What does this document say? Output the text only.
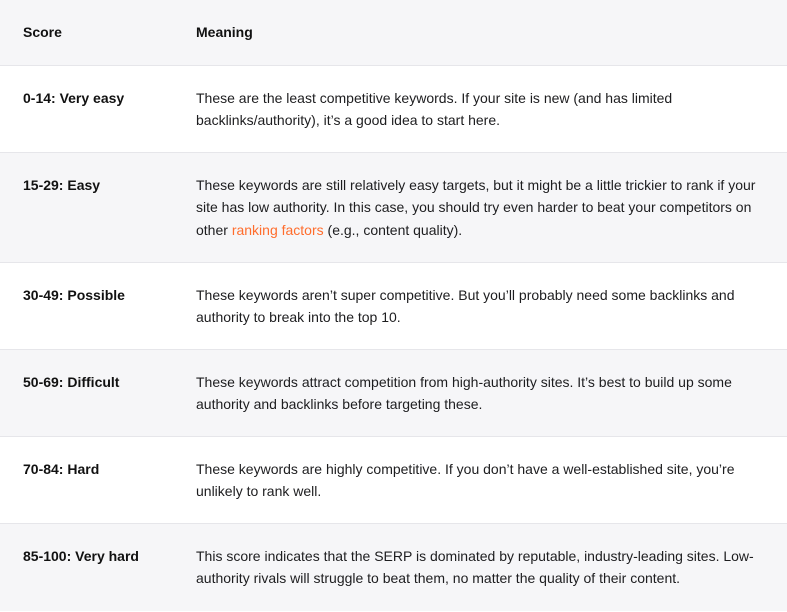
Score	Meaning
0-14: Very easy	These are the least competitive keywords. If your site is new (and has limited backlinks/authority), it’s a good idea to start here.
15-29: Easy	These keywords are still relatively easy targets, but it might be a little trickier to rank if your site has low authority. In this case, you should try even harder to beat your competitors on other ranking factors (e.g., content quality).
30-49: Possible	These keywords aren’t super competitive. But you’ll probably need some backlinks and authority to break into the top 10.
50-69: Difficult	These keywords attract competition from high-authority sites. It’s best to build up some authority and backlinks before targeting these.
70-84: Hard	These keywords are highly competitive. If you don’t have a well-established site, you’re unlikely to rank well.
85-100: Very hard	This score indicates that the SERP is dominated by reputable, industry-leading sites. Low-authority rivals will struggle to beat them, no matter the quality of their content.
